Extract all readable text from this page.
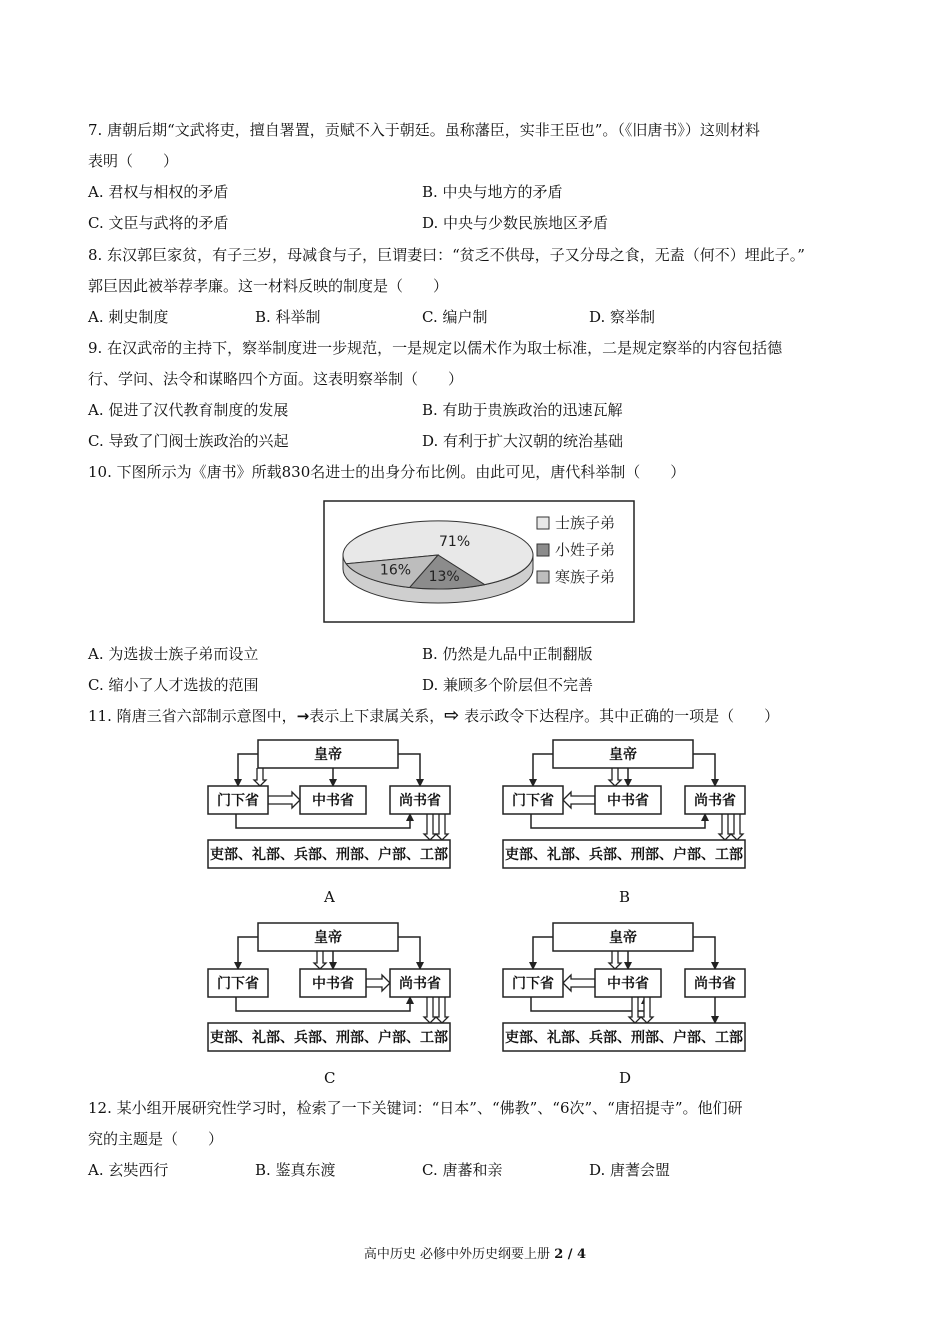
7. 唐朝后期“文武将吏，擅自署置，贡赋不入于朝廷。虽称藩臣，实非王臣也”。（《旧唐书》）这则材料
表明（　　）
A. 君权与相权的矛盾	B. 中央与地方的矛盾
C. 文臣与武将的矛盾	D. 中央与少数民族地区矛盾
8. 东汉郭巨家贫，有子三岁，母减食与子，巨谓妻曰：“贫乏不供母，子又分母之食，无盍（何不）埋此子。”
郭巨因此被举荐孝廉。这一材料反映的制度是（　　）
A. 刺史制度	B. 科举制	C. 编户制	D. 察举制
9. 在汉武帝的主持下，察举制度进一步规范，一是规定以儒术作为取士标准，二是规定察举的内容包括德
行、学问、法令和谋略四个方面。这表明察举制（　　）
A. 促进了汉代教育制度的发展	B. 有助于贵族政治的迅速瓦解
C. 导致了门阀士族政治的兴起	D. 有利于扩大汉朝的统治基础
10. 下图所示为《唐书》所载830名进士的出身分布比例。由此可见，唐代科举制（　　）
71%
13%
16%
士族子弟
小姓子弟
寒族子弟
A. 为选拔士族子弟而设立	B. 仍然是九品中正制翻版
C. 缩小了人才选拔的范围	D. 兼顾多个阶层但不完善
11. 隋唐三省六部制示意图中，→表示上下隶属关系，⇨ 表示政令下达程序。其中正确的一项是（　　）
皇帝
门下省	中书省	尚书省
吏部、礼部、兵部、刑部、户部、工部
皇帝
门下省	中书省	尚书省
吏部、礼部、兵部、刑部、户部、工部
皇帝
门下省	中书省	尚书省
吏部、礼部、兵部、刑部、户部、工部
皇帝
门下省	中书省	尚书省
吏部、礼部、兵部、刑部、户部、工部
A	B
C	D
12. 某小组开展研究性学习时，检索了一下关键词：“日本”、“佛教”、“6次”、“唐招提寺”。他们研
究的主题是（　　）
A. 玄奘西行	B. 鉴真东渡	C. 唐蕃和亲	D. 唐蓍会盟
高中历史 必修中外历史纲要上册 2 / 4
